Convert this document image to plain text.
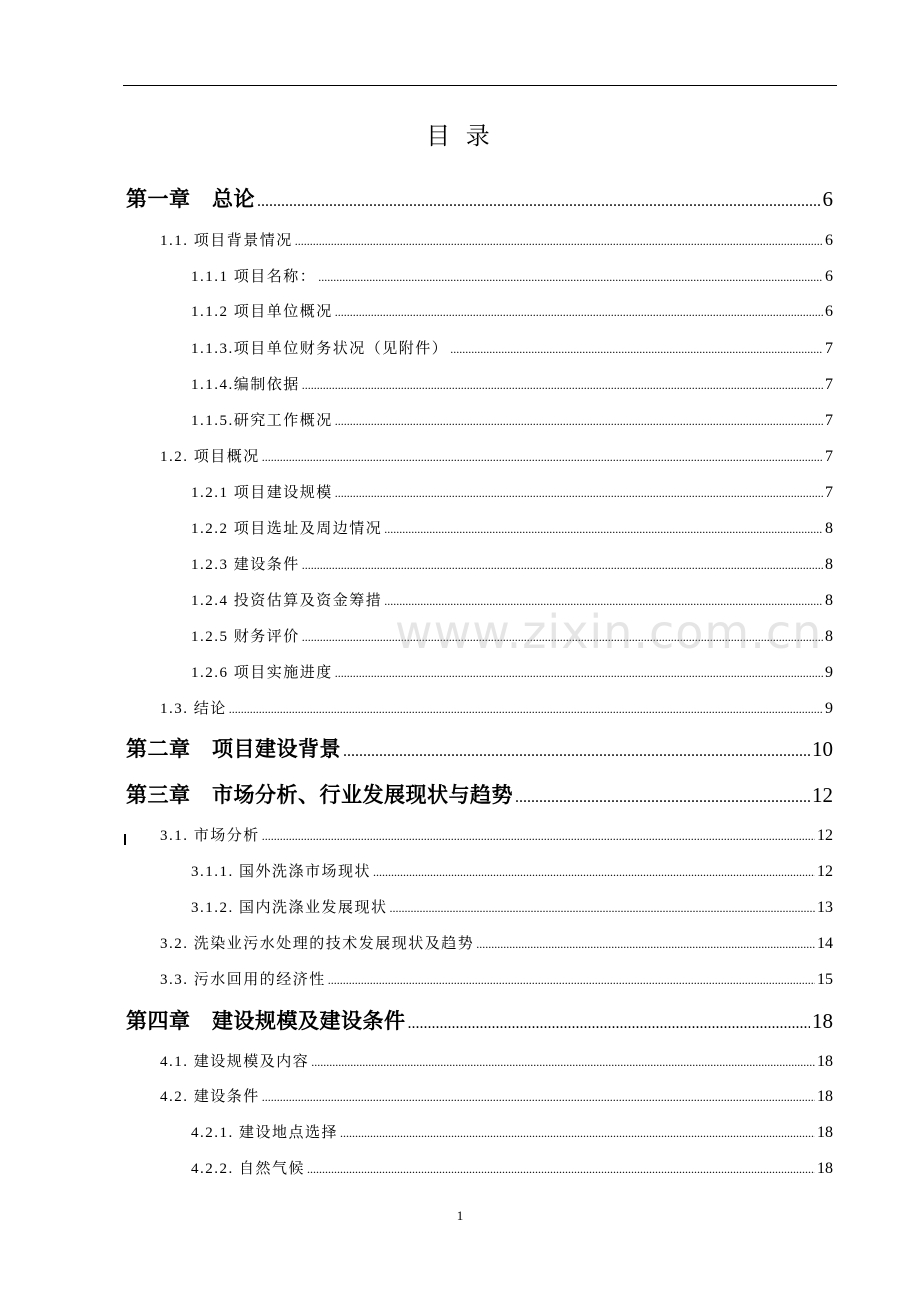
目 录
第一章　总论 .....	6
1.1. 项目背景情况 .....	6
1.1.1 项目名称： .....	6
1.1.2 项目单位概况 .....	6
1.1.3.项目单位财务状况（见附件） .....	7
1.1.4.编制依据 .....	7
1.1.5.研究工作概况 .....	7
1.2. 项目概况 .....	7
1.2.1 项目建设规模 .....	7
1.2.2 项目选址及周边情况 .....	8
1.2.3 建设条件 .....	8
1.2.4 投资估算及资金筹措 .....	8
1.2.5 财务评价 .....	8
1.2.6 项目实施进度 .....	9
1.3. 结论 .....	9
第二章　项目建设背景 .....	10
第三章　市场分析、行业发展现状与趋势 .....	12
3.1. 市场分析 .....	12
3.1.1. 国外洗涤市场现状 .....	12
3.1.2. 国内洗涤业发展现状 .....	13
3.2. 洗染业污水处理的技术发展现状及趋势 .....	14
3.3. 污水回用的经济性 .....	15
第四章　建设规模及建设条件 .....	18
4.1. 建设规模及内容 .....	18
4.2. 建设条件 .....	18
4.2.1. 建设地点选择 .....	18
4.2.2. 自然气候 .....	18
www.zixin.com.cn
1
